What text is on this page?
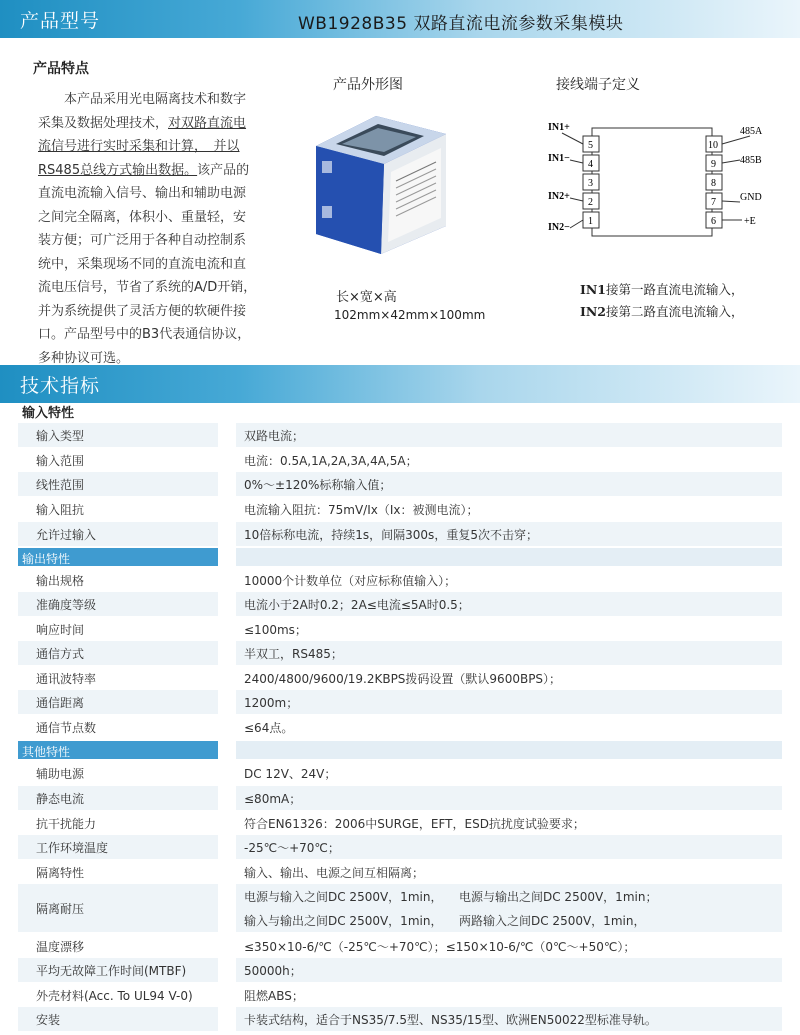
产品型号	WB1928B35 双路直流电流参数采集模块
产品特点
　　本产品采用光电隔离技术和数字
采集及数据处理技术，对双路直流电
流信号进行实时采集和计算，　并以
RS485总线方式输出数据。该产品的
直流电流输入信号、输出和辅助电源
之间完全隔离，体积小、重量轻，安
装方便；可广泛用于各种自动控制系
统中，采集现场不同的直流电流和直
流电压信号，节省了系统的A/D开销，
并为系统提供了灵活方便的软硬件接
口。产品型号中的B3代表通信协议，
多种协议可选。
产品外形图	接线端子定义
长×宽×高
102mm×42mm×100mm
5
4
3
2
1
IN1+
IN1−
IN2+
IN2−
10
9
8
7
6
485A
485B
GND
+E
IN1接第一路直流电流输入，
IN2接第二路直流电流输入，
技术指标
输入特性
输入类型	双路电流；
输入范围	电流：0.5A,1A,2A,3A,4A,5A；
线性范围	0%～±120%标称输入值；
输入阻抗	电流输入阻抗：75mV/Ix（Ix：被测电流）；
允许过输入	10倍标称电流，持续1s，间隔300s，重复5次不击穿；
输出特性
输出规格	10000个计数单位（对应标称值输入）；
准确度等级	电流小于2A时0.2；2A≤电流≤5A时0.5；
响应时间	≤100ms；
通信方式	半双工，RS485；
通讯波特率	2400/4800/9600/19.2KBPS拨码设置（默认9600BPS）；
通信距离	1200m；
通信节点数	≤64点。
其他特性
辅助电源	DC 12V、24V；
静态电流	≤80mA；
抗干扰能力	符合EN61326：2006中SURGE，EFT，ESD抗扰度试验要求；
工作环境温度	-25℃～+70℃；
隔离特性	输入、输出、电源之间互相隔离；
隔离耐压
电源与输入之间DC 2500V，1min， 电源与输出之间DC 2500V，1min；
输入与输出之间DC 2500V，1min， 两路输入之间DC 2500V，1min，
温度漂移	≤350×10-6/℃（-25℃～+70℃）；≤150×10-6/℃（0℃～+50℃）；
平均无故障工作时间(MTBF)	50000h；
外壳材料(Acc. To UL94 V-0)	阻燃ABS；
安装	卡装式结构，适合于NS35/7.5型、NS35/15型、欧洲EN50022型标准导轨。
